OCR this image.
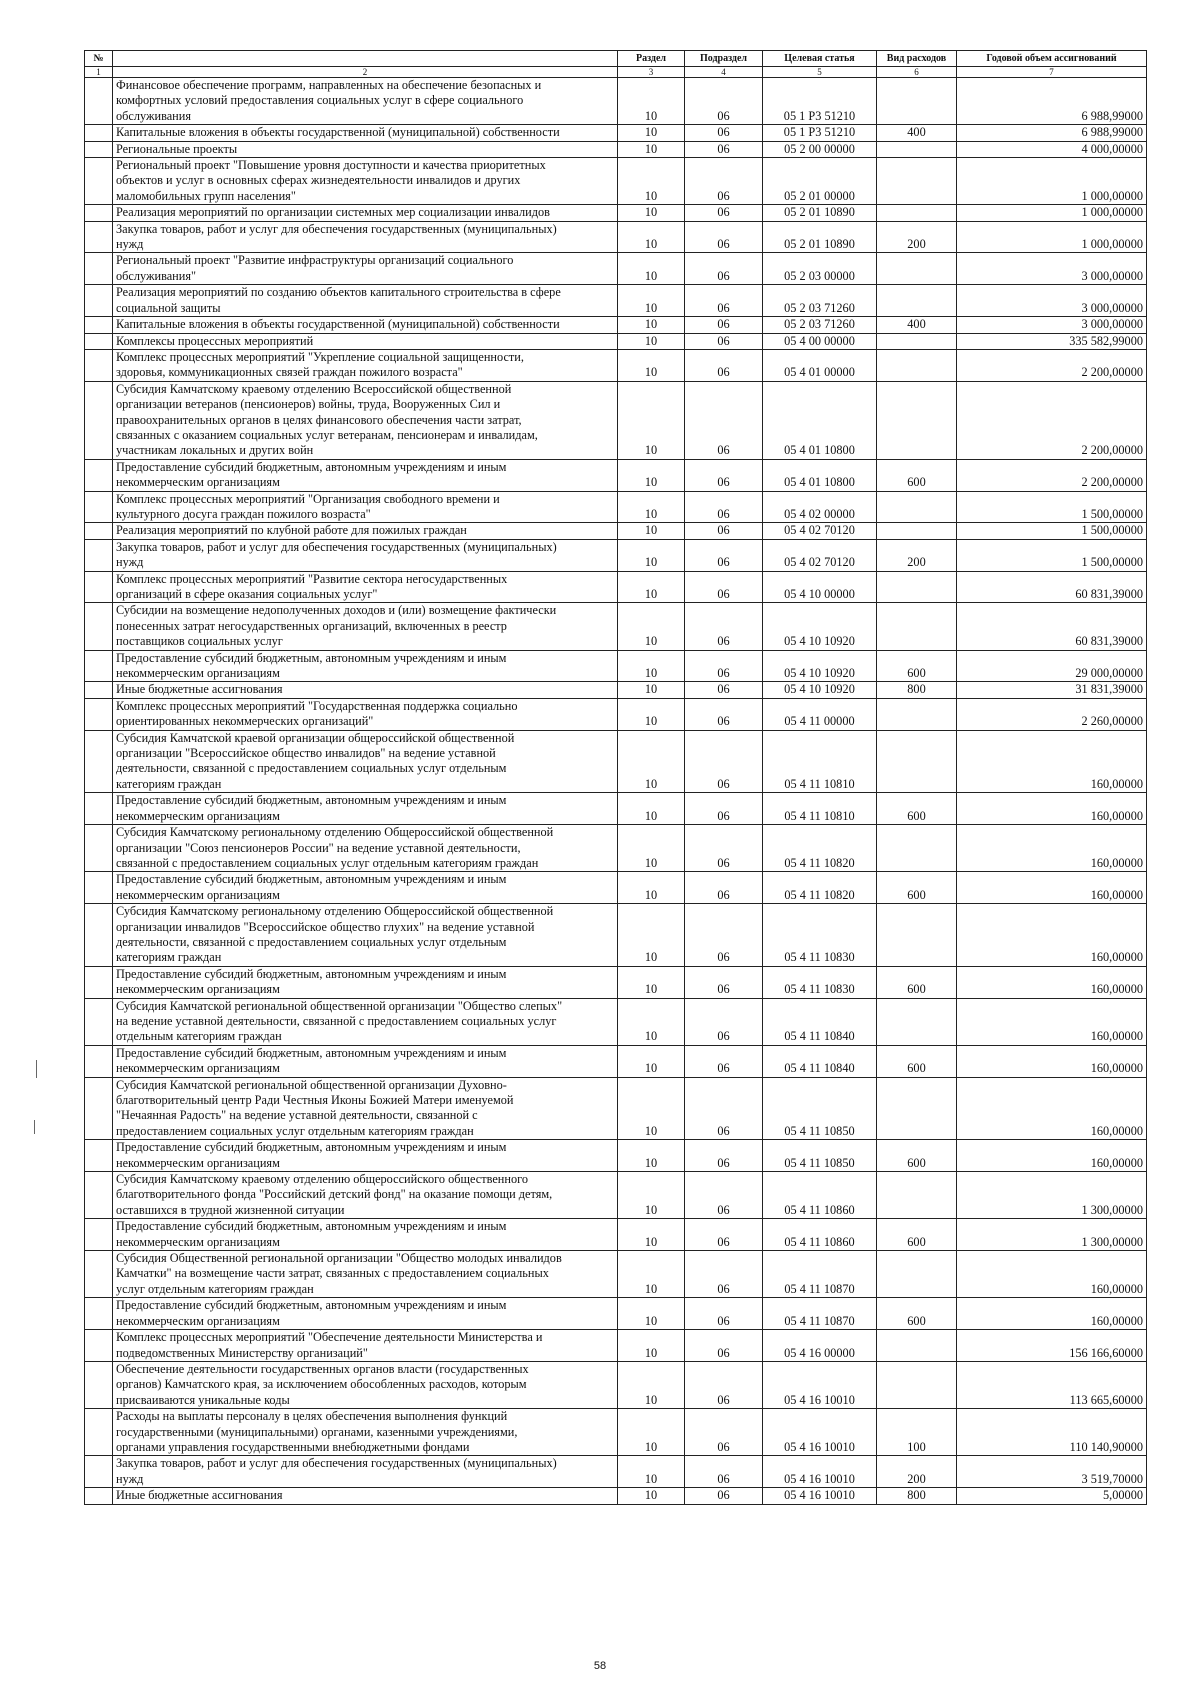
№		Раздел	Подраздел	Целевая статья	Вид расходов	Годовой объем ассигнований
1	2	3	4	5	6	7
	Финансовое обеспечение программ, направленных на обеспечение безопасных и
комфортных условий предоставления социальных услуг в сфере социального
обслуживания	10	06	05 1 P3 51210		6 988,99000
	Капитальные вложения в объекты государственной (муниципальной) собственности	10	06	05 1 P3 51210	400	6 988,99000
	Региональные проекты	10	06	05 2 00 00000		4 000,00000
	Региональный проект "Повышение уровня доступности и качества приоритетных
объектов и услуг в основных сферах жизнедеятельности инвалидов и других
маломобильных групп населения"	10	06	05 2 01 00000		1 000,00000
	Реализация мероприятий по организации системных мер социализации инвалидов	10	06	05 2 01 10890		1 000,00000
	Закупка товаров, работ и услуг для обеспечения государственных (муниципальных)
нужд	10	06	05 2 01 10890	200	1 000,00000
	Региональный проект "Развитие инфраструктуры организаций социального
обслуживания"	10	06	05 2 03 00000		3 000,00000
	Реализация мероприятий по созданию объектов капитального строительства в сфере
социальной защиты	10	06	05 2 03 71260		3 000,00000
	Капитальные вложения в объекты государственной (муниципальной) собственности	10	06	05 2 03 71260	400	3 000,00000
	Комплексы процессных мероприятий	10	06	05 4 00 00000		335 582,99000
	Комплекс процессных мероприятий "Укрепление социальной защищенности,
здоровья, коммуникационных связей граждан пожилого возраста"	10	06	05 4 01 00000		2 200,00000
	Субсидия Камчатскому краевому отделению Всероссийской общественной
организации ветеранов (пенсионеров) войны, труда, Вооруженных Сил и
правоохранительных органов в целях финансового обеспечения части затрат,
связанных с оказанием социальных услуг ветеранам, пенсионерам и инвалидам,
участникам локальных и других войн	10	06	05 4 01 10800		2 200,00000
	Предоставление субсидий бюджетным, автономным учреждениям и иным
некоммерческим организациям	10	06	05 4 01 10800	600	2 200,00000
	Комплекс процессных мероприятий "Организация свободного времени и
культурного досуга граждан пожилого возраста"	10	06	05 4 02 00000		1 500,00000
	Реализация мероприятий по клубной работе для пожилых граждан	10	06	05 4 02 70120		1 500,00000
	Закупка товаров, работ и услуг для обеспечения государственных (муниципальных)
нужд	10	06	05 4 02 70120	200	1 500,00000
	Комплекс процессных мероприятий "Развитие сектора негосударственных
организаций в сфере оказания социальных услуг"	10	06	05 4 10 00000		60 831,39000
	Субсидии на возмещение недополученных доходов и (или) возмещение фактически
понесенных затрат негосударственных организаций, включенных в реестр
поставщиков социальных услуг	10	06	05 4 10 10920		60 831,39000
	Предоставление субсидий бюджетным, автономным учреждениям и иным
некоммерческим организациям	10	06	05 4 10 10920	600	29 000,00000
	Иные бюджетные ассигнования	10	06	05 4 10 10920	800	31 831,39000
	Комплекс процессных мероприятий "Государственная поддержка социально
ориентированных некоммерческих организаций"	10	06	05 4 11 00000		2 260,00000
	Субсидия Камчатской краевой организации общероссийской общественной
организации "Всероссийское общество инвалидов" на ведение уставной
деятельности, связанной с предоставлением социальных услуг отдельным
категориям граждан	10	06	05 4 11 10810		160,00000
	Предоставление субсидий бюджетным, автономным учреждениям и иным
некоммерческим организациям	10	06	05 4 11 10810	600	160,00000
	Субсидия Камчатскому региональному отделению Общероссийской общественной
организации "Союз пенсионеров России" на ведение уставной деятельности,
связанной с предоставлением социальных услуг отдельным категориям граждан	10	06	05 4 11 10820		160,00000
	Предоставление субсидий бюджетным, автономным учреждениям и иным
некоммерческим организациям	10	06	05 4 11 10820	600	160,00000
	Субсидия Камчатскому региональному отделению Общероссийской общественной
организации инвалидов "Всероссийское общество глухих" на ведение уставной
деятельности, связанной с предоставлением социальных услуг отдельным
категориям граждан	10	06	05 4 11 10830		160,00000
	Предоставление субсидий бюджетным, автономным учреждениям и иным
некоммерческим организациям	10	06	05 4 11 10830	600	160,00000
	Субсидия Камчатской региональной общественной организации "Общество слепых"
на ведение уставной деятельности, связанной с предоставлением социальных услуг
отдельным категориям граждан	10	06	05 4 11 10840		160,00000
	Предоставление субсидий бюджетным, автономным учреждениям и иным
некоммерческим организациям	10	06	05 4 11 10840	600	160,00000
	Субсидия Камчатской региональной общественной организации Духовно-
благотворительный центр Ради Честныя Иконы Божией Матери именуемой
"Нечаянная Радость" на ведение уставной деятельности, связанной с
предоставлением социальных услуг отдельным категориям граждан	10	06	05 4 11 10850		160,00000
	Предоставление субсидий бюджетным, автономным учреждениям и иным
некоммерческим организациям	10	06	05 4 11 10850	600	160,00000
	Субсидия Камчатскому краевому отделению общероссийского общественного
благотворительного фонда "Российский детский фонд" на оказание помощи детям,
оставшихся в трудной жизненной ситуации	10	06	05 4 11 10860		1 300,00000
	Предоставление субсидий бюджетным, автономным учреждениям и иным
некоммерческим организациям	10	06	05 4 11 10860	600	1 300,00000
	Субсидия Общественной региональной организации "Общество молодых инвалидов
Камчатки" на возмещение части затрат, связанных с предоставлением социальных
услуг отдельным категориям граждан	10	06	05 4 11 10870		160,00000
	Предоставление субсидий бюджетным, автономным учреждениям и иным
некоммерческим организациям	10	06	05 4 11 10870	600	160,00000
	Комплекс процессных мероприятий "Обеспечение деятельности Министерства и
подведомственных Министерству организаций"	10	06	05 4 16 00000		156 166,60000
	Обеспечение деятельности государственных органов власти (государственных
органов) Камчатского края, за исключением обособленных расходов, которым
присваиваются уникальные коды	10	06	05 4 16 10010		113 665,60000
	Расходы на выплаты персоналу в целях обеспечения выполнения функций
государственными (муниципальными) органами, казенными учреждениями,
органами управления государственными внебюджетными фондами	10	06	05 4 16 10010	100	110 140,90000
	Закупка товаров, работ и услуг для обеспечения государственных (муниципальных)
нужд	10	06	05 4 16 10010	200	3 519,70000
	Иные бюджетные ассигнования	10	06	05 4 16 10010	800	5,00000
58
